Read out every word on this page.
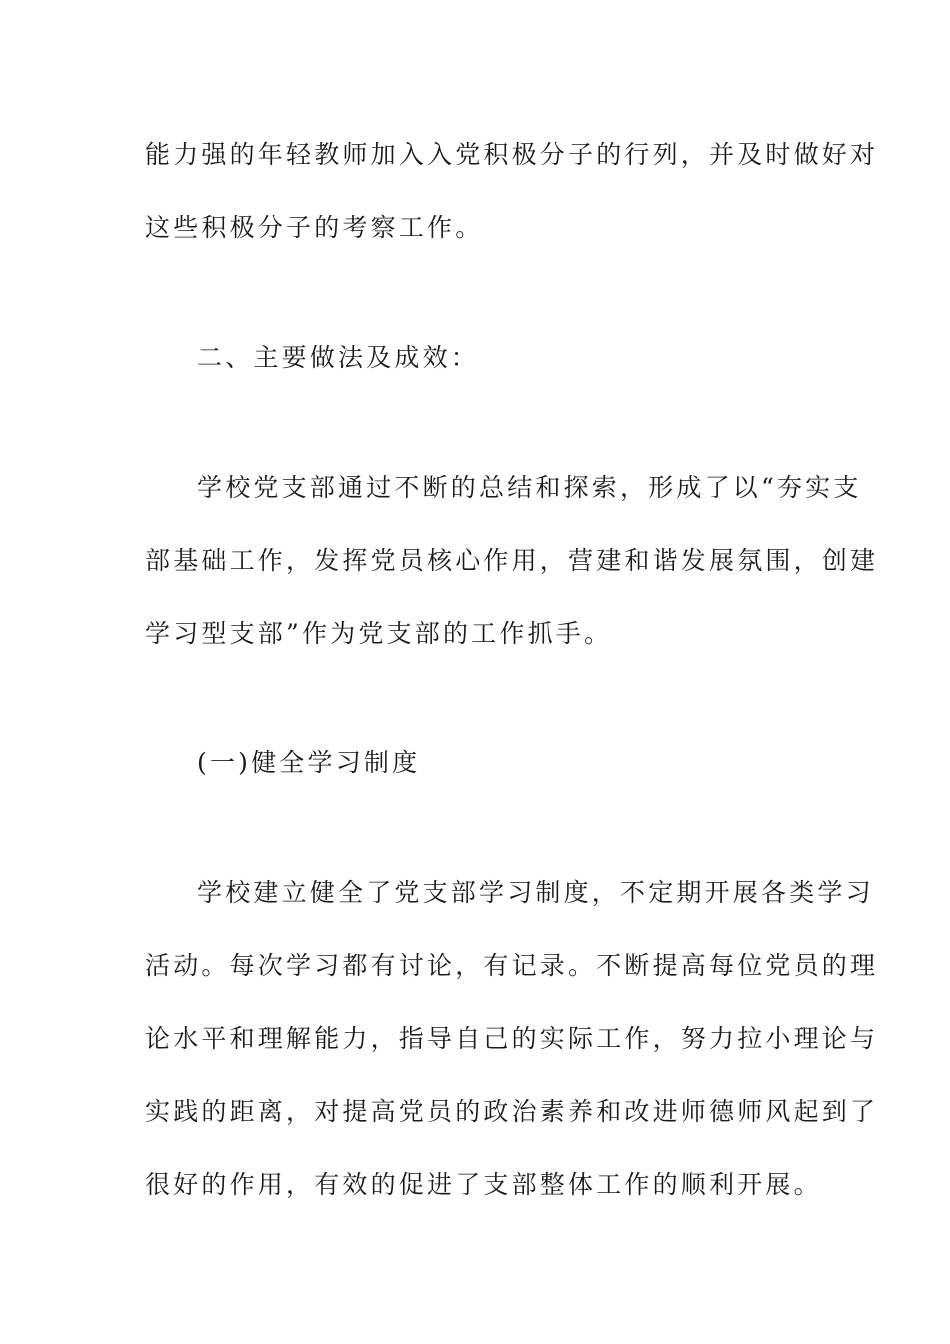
能力强的年轻教师加入入党积极分子的行列，并及时做好对
这些积极分子的考察工作。
二、主要做法及成效：
学校党支部通过不断的总结和探索，形成了以“夯实支
部基础工作，发挥党员核心作用，营建和谐发展氛围，创建
学习型支部”作为党支部的工作抓手。
(一)健全学习制度
学校建立健全了党支部学习制度，不定期开展各类学习
活动。每次学习都有讨论，有记录。不断提高每位党员的理
论水平和理解能力，指导自己的实际工作，努力拉小理论与
实践的距离，对提高党员的政治素养和改进师德师风起到了
很好的作用，有效的促进了支部整体工作的顺利开展。
